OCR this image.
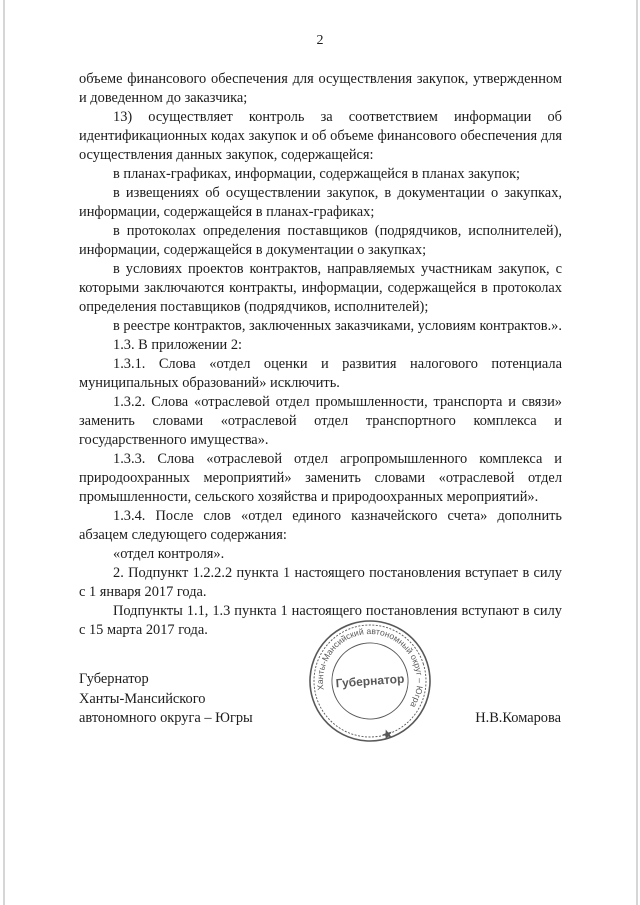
2

объеме финансового обеспечения для осуществления закупок, утвержденном и доведенном до заказчика;

13) осуществляет контроль за соответствием информации об идентификационных кодах закупок и об объеме финансового обеспечения для осуществления данных закупок, содержащейся:

в планах-графиках, информации, содержащейся в планах закупок;

в извещениях об осуществлении закупок, в документации о закупках, информации, содержащейся в планах-графиках;

в протоколах определения поставщиков (подрядчиков, исполнителей), информации, содержащейся в документации о закупках;

в условиях проектов контрактов, направляемых участникам закупок, с которыми заключаются контракты, информации, содержащейся в протоколах определения поставщиков (подрядчиков, исполнителей);

в реестре контрактов, заключенных заказчиками, условиям контрактов.».

1.3. В приложении 2:

1.3.1. Слова «отдел оценки и развития налогового потенциала муниципальных образований» исключить.

1.3.2. Слова «отраслевой отдел промышленности, транспорта и связи» заменить словами «отраслевой отдел транспортного комплекса и государственного имущества».

1.3.3. Слова «отраслевой отдел агропромышленного комплекса и природоохранных мероприятий» заменить словами «отраслевой отдел промышленности, сельского хозяйства и природоохранных мероприятий».

1.3.4. После слов «отдел единого казначейского счета» дополнить абзацем следующего содержания:

«отдел контроля».

2. Подпункт 1.2.2.2 пункта 1 настоящего постановления вступает в силу с 1 января 2017 года.

Подпункты 1.1, 1.3 пункта 1 настоящего постановления вступают в силу с 15 марта 2017 года.

Губернатор
Ханты-Мансийского
автономного округа – Югры
Ханты-Мансийский автономный округ – Югра
Губернатор
Н.В.Комарова
